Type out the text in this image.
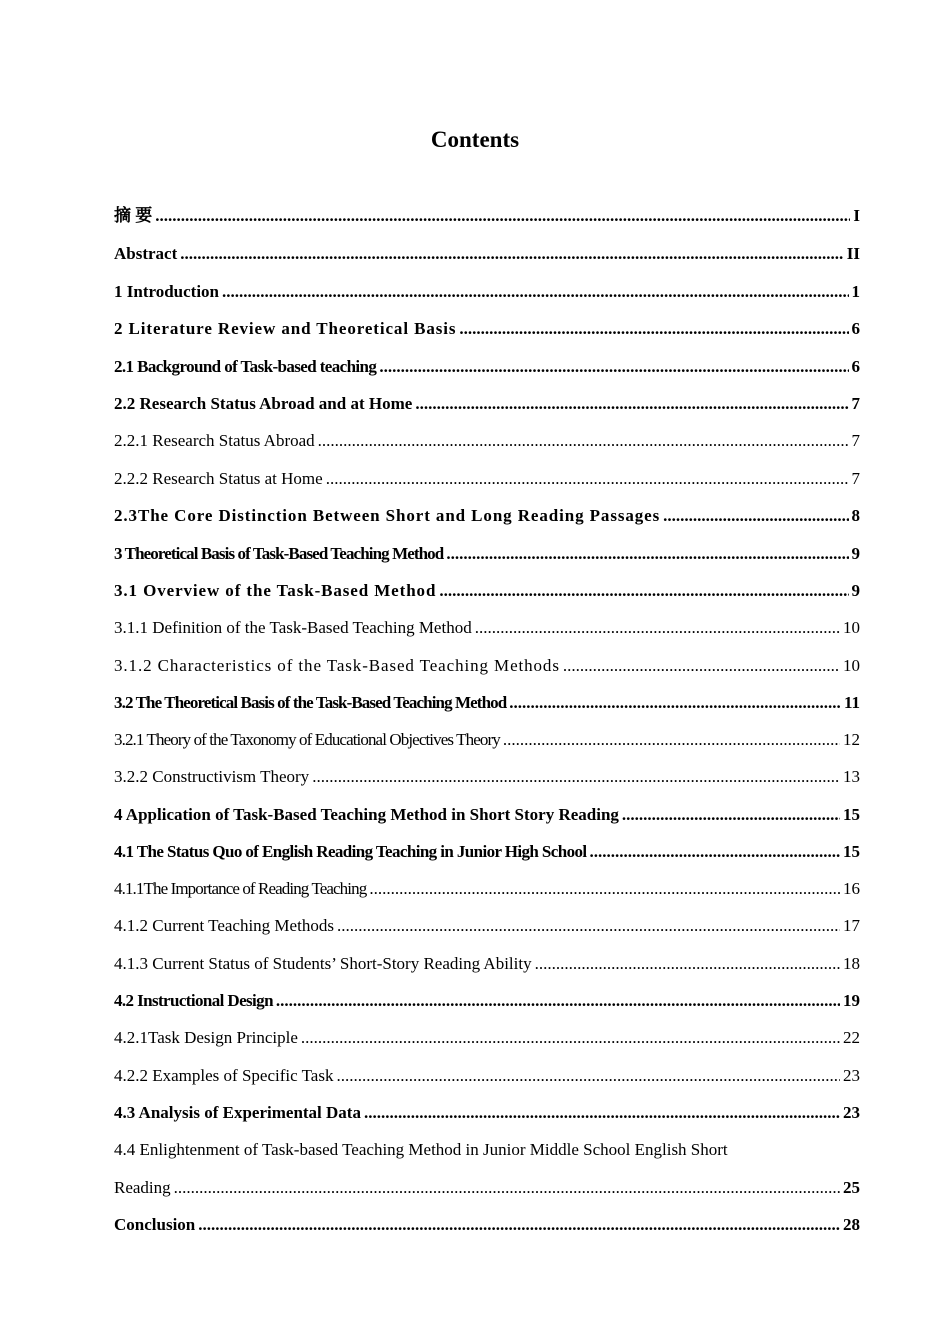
Contents
摘 要 .....	I
Abstract .....	II
1 Introduction .....	1
2 Literature Review and Theoretical Basis .....	6
2.1 Background of Task-based teaching .....	6
2.2 Research Status Abroad and at Home .....	7
2.2.1 Research Status Abroad .....	7
2.2.2 Research Status at Home .....	7
2.3The Core Distinction Between Short and Long Reading Passages .....	8
3 Theoretical Basis of Task-Based Teaching Method .....	9
3.1 Overview of the Task-Based Method .....	9
3.1.1 Definition of the Task-Based Teaching Method .....	10
3.1.2 Characteristics of the Task-Based Teaching Methods .....	10
3.2 The Theoretical Basis of the Task-Based Teaching Method .....	11
3.2.1 Theory of the Taxonomy of Educational Objectives Theory .....	12
3.2.2 Constructivism Theory .....	13
4 Application of Task-Based Teaching Method in Short Story Reading .....	15
4.1 The Status Quo of English Reading Teaching in Junior High School .....	15
4.1.1The Importance of Reading Teaching .....	16
4.1.2 Current Teaching Methods .....	17
4.1.3 Current Status of Students’ Short-Story Reading Ability .....	18
4.2 Instructional Design .....	19
4.2.1Task Design Principle .....	22
4.2.2 Examples of Specific Task .....	23
4.3 Analysis of Experimental Data .....	23
4.4 Enlightenment of Task-based Teaching Method in Junior Middle School English Short
Reading .....	25
Conclusion .....	28
